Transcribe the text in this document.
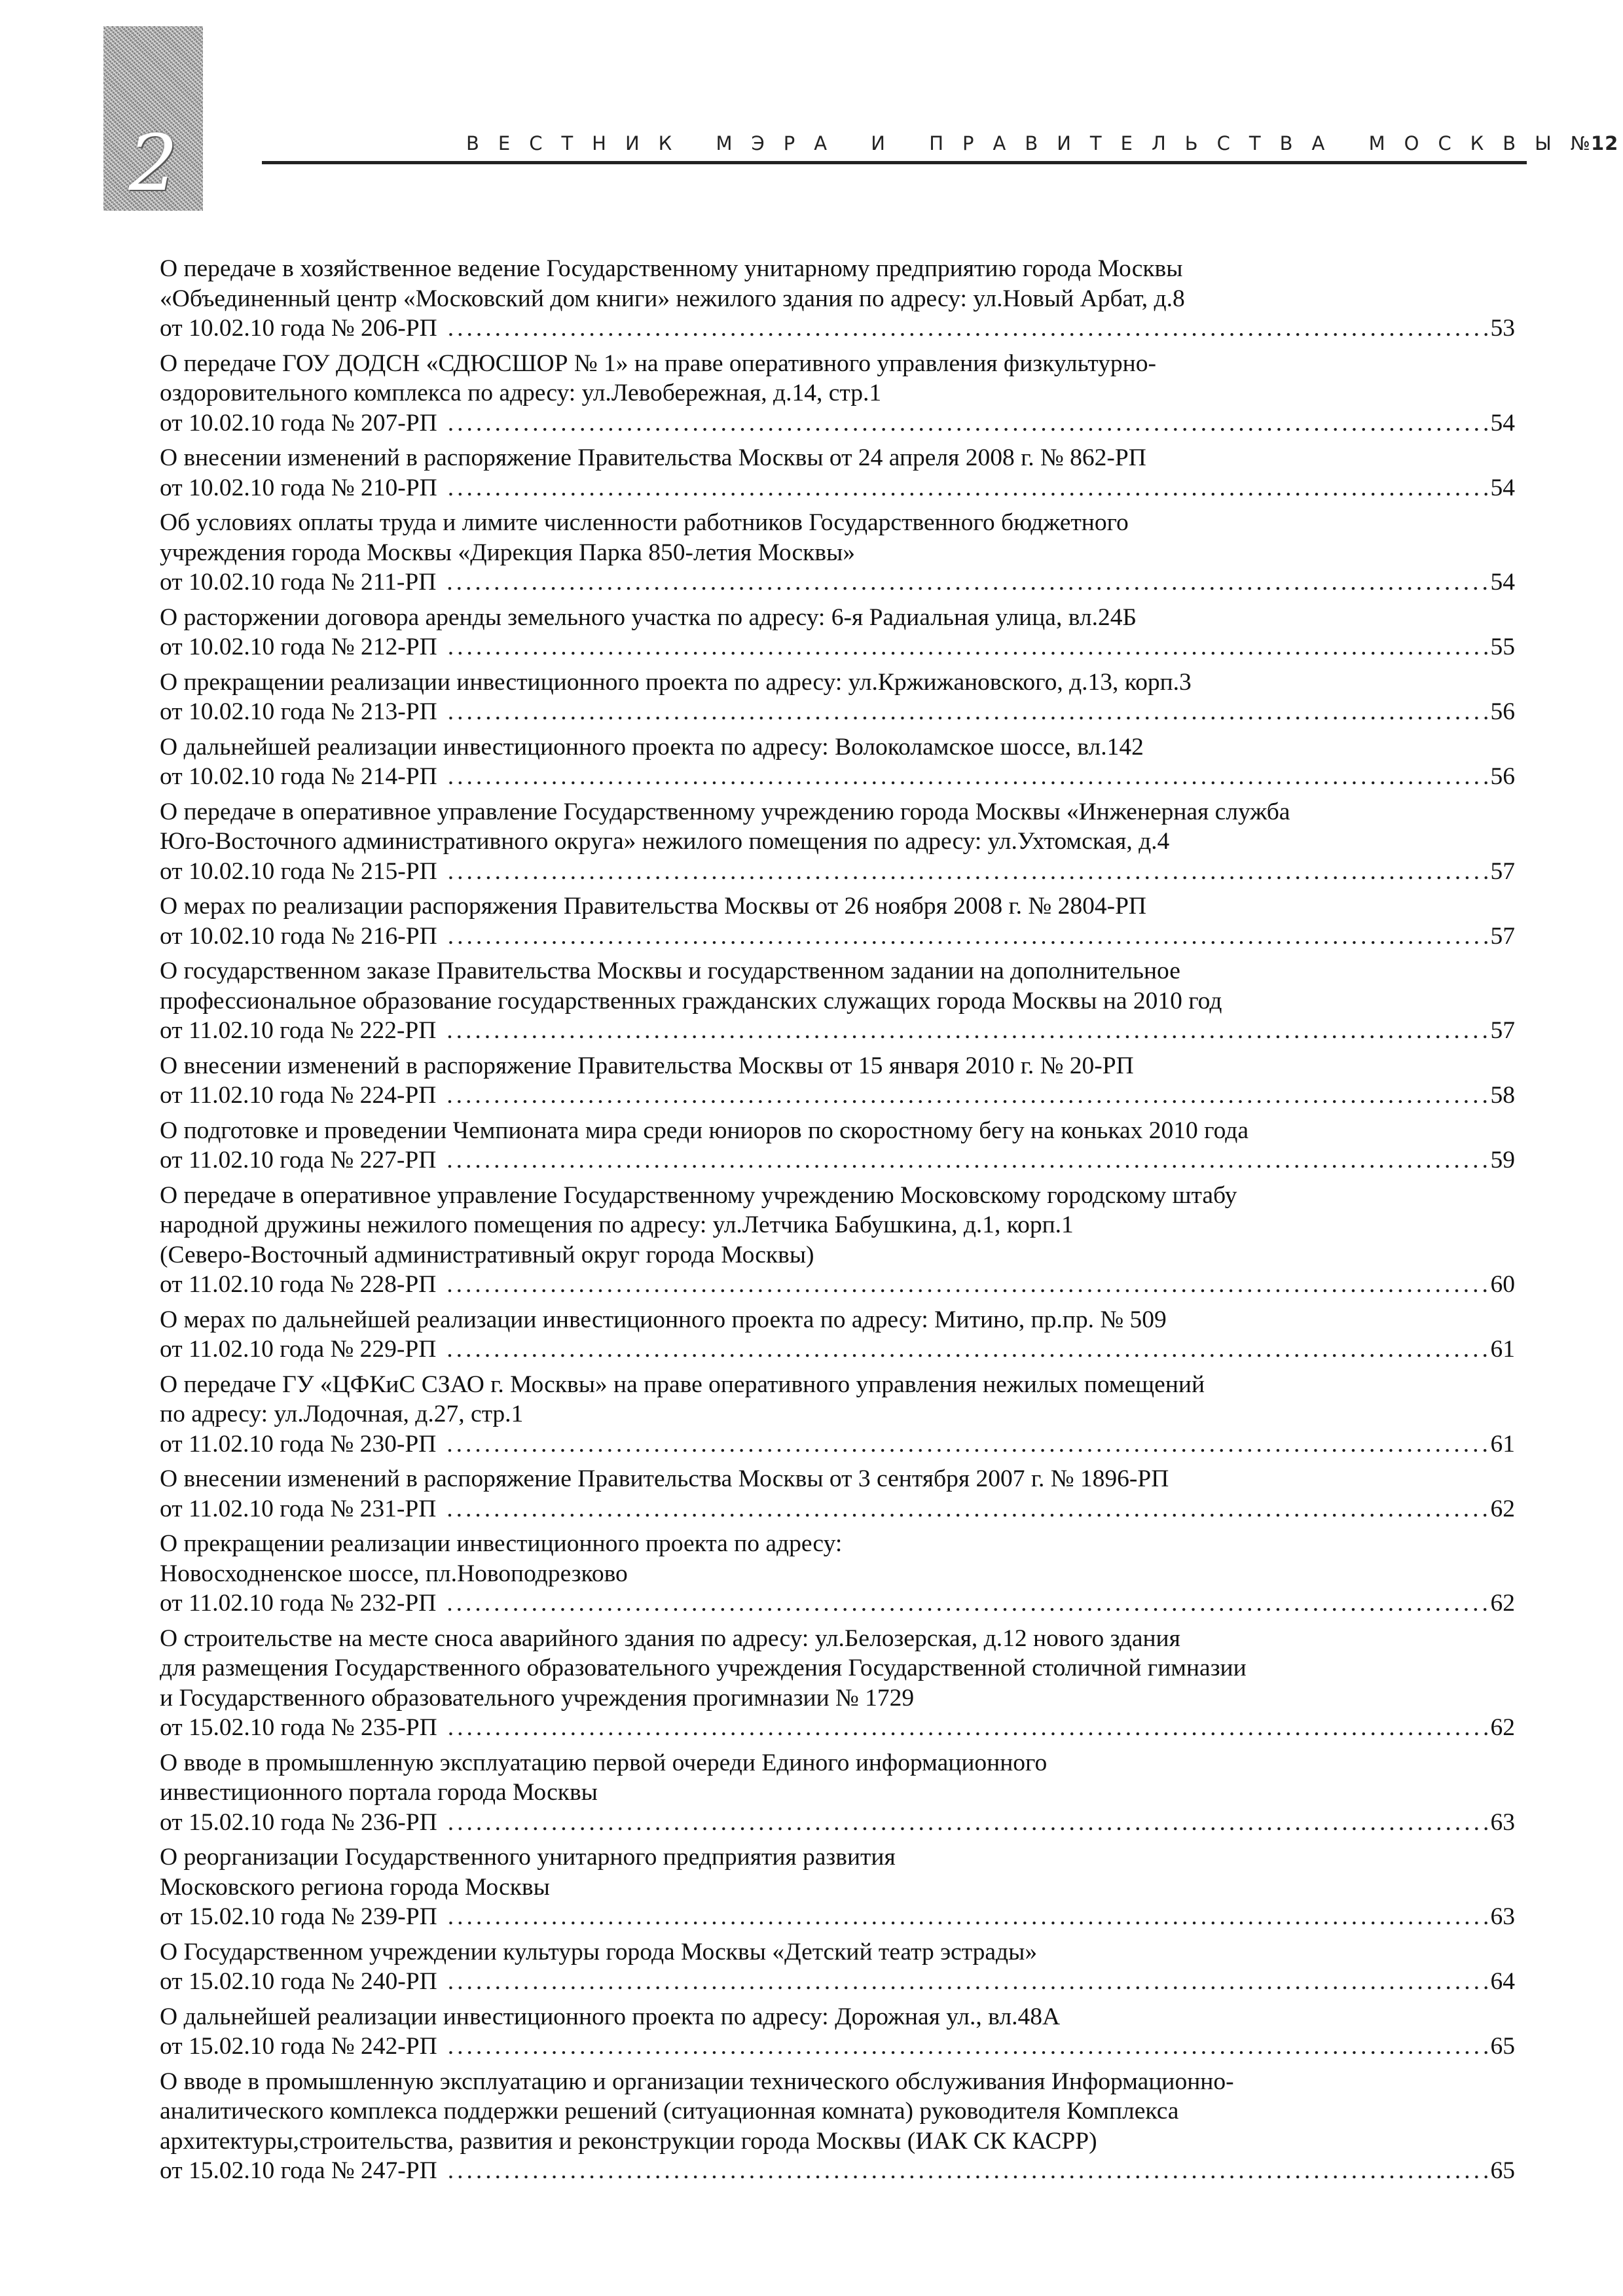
2	ВЕСТНИК МЭРА И ПРАВИТЕЛЬСТВА МОСКВЫ №12
О передаче в хозяйственное ведение Государственному унитарному предприятию города Москвы
«Объединенный центр «Московский дом книги» нежилого здания по адресу: ул.Новый Арбат, д.8
от 10.02.10 года № 206-РП .....	53
О передаче ГОУ ДОДСН «СДЮСШОР № 1» на праве оперативного управления физкультурно-
оздоровительного комплекса по адресу: ул.Левобережная, д.14, стр.1
от 10.02.10 года № 207-РП .....	54
О внесении изменений в распоряжение Правительства Москвы от 24 апреля 2008 г. № 862-РП
от 10.02.10 года № 210-РП .....	54
Об условиях оплаты труда и лимите численности работников Государственного бюджетного
учреждения города Москвы «Дирекция Парка 850-летия Москвы»
от 10.02.10 года № 211-РП .....	54
О расторжении договора аренды земельного участка по адресу: 6-я Радиальная улица, вл.24Б
от 10.02.10 года № 212-РП .....	55
О прекращении реализации инвестиционного проекта по адресу: ул.Кржижановского, д.13, корп.3
от 10.02.10 года № 213-РП .....	56
О дальнейшей реализации инвестиционного проекта по адресу: Волоколамское шоссе, вл.142
от 10.02.10 года № 214-РП .....	56
О передаче в оперативное управление Государственному учреждению города Москвы «Инженерная служба
Юго-Восточного административного округа» нежилого помещения по адресу: ул.Ухтомская, д.4
от 10.02.10 года № 215-РП .....	57
О мерах по реализации распоряжения Правительства Москвы от 26 ноября 2008 г. № 2804-РП
от 10.02.10 года № 216-РП .....	57
О государственном заказе Правительства Москвы и государственном задании на дополнительное
профессиональное образование государственных гражданских служащих города Москвы на 2010 год
от 11.02.10 года № 222-РП .....	57
О внесении изменений в распоряжение Правительства Москвы от 15 января 2010 г. № 20-РП
от 11.02.10 года № 224-РП .....	58
О подготовке и проведении Чемпионата мира среди юниоров по скоростному бегу на коньках 2010 года
от 11.02.10 года № 227-РП .....	59
О передаче в оперативное управление Государственному учреждению Московскому городскому штабу
народной дружины нежилого помещения по адресу: ул.Летчика Бабушкина, д.1, корп.1
(Северо-Восточный административный округ города Москвы)
от 11.02.10 года № 228-РП .....	60
О мерах по дальнейшей реализации инвестиционного проекта по адресу: Митино, пр.пр. № 509
от 11.02.10 года № 229-РП .....	61
О передаче ГУ «ЦФКиС СЗАО г. Москвы» на праве оперативного управления нежилых помещений
по адресу: ул.Лодочная, д.27, стр.1
от 11.02.10 года № 230-РП .....	61
О внесении изменений в распоряжение Правительства Москвы от 3 сентября 2007 г. № 1896-РП
от 11.02.10 года № 231-РП .....	62
О прекращении реализации инвестиционного проекта по адресу:
Новосходненское шоссе, пл.Новоподрезково
от 11.02.10 года № 232-РП .....	62
О строительстве на месте сноса аварийного здания по адресу: ул.Белозерская, д.12 нового здания
для размещения Государственного образовательного учреждения Государственной столичной гимназии
и Государственного образовательного учреждения прогимназии № 1729
от 15.02.10 года № 235-РП .....	62
О вводе в промышленную эксплуатацию первой очереди Единого информационного
инвестиционного портала города Москвы
от 15.02.10 года № 236-РП .....	63
О реорганизации Государственного унитарного предприятия развития
Московского региона города Москвы
от 15.02.10 года № 239-РП .....	63
О Государственном учреждении культуры города Москвы «Детский театр эстрады»
от 15.02.10 года № 240-РП .....	64
О дальнейшей реализации инвестиционного проекта по адресу: Дорожная ул., вл.48А
от 15.02.10 года № 242-РП .....	65
О вводе в промышленную эксплуатацию и организации технического обслуживания Информационно-
аналитического комплекса поддержки решений (ситуационная комната) руководителя Комплекса
архитектуры,строительства, развития и реконструкции города Москвы (ИАК СК КАСРР)
от 15.02.10 года № 247-РП .....	65
